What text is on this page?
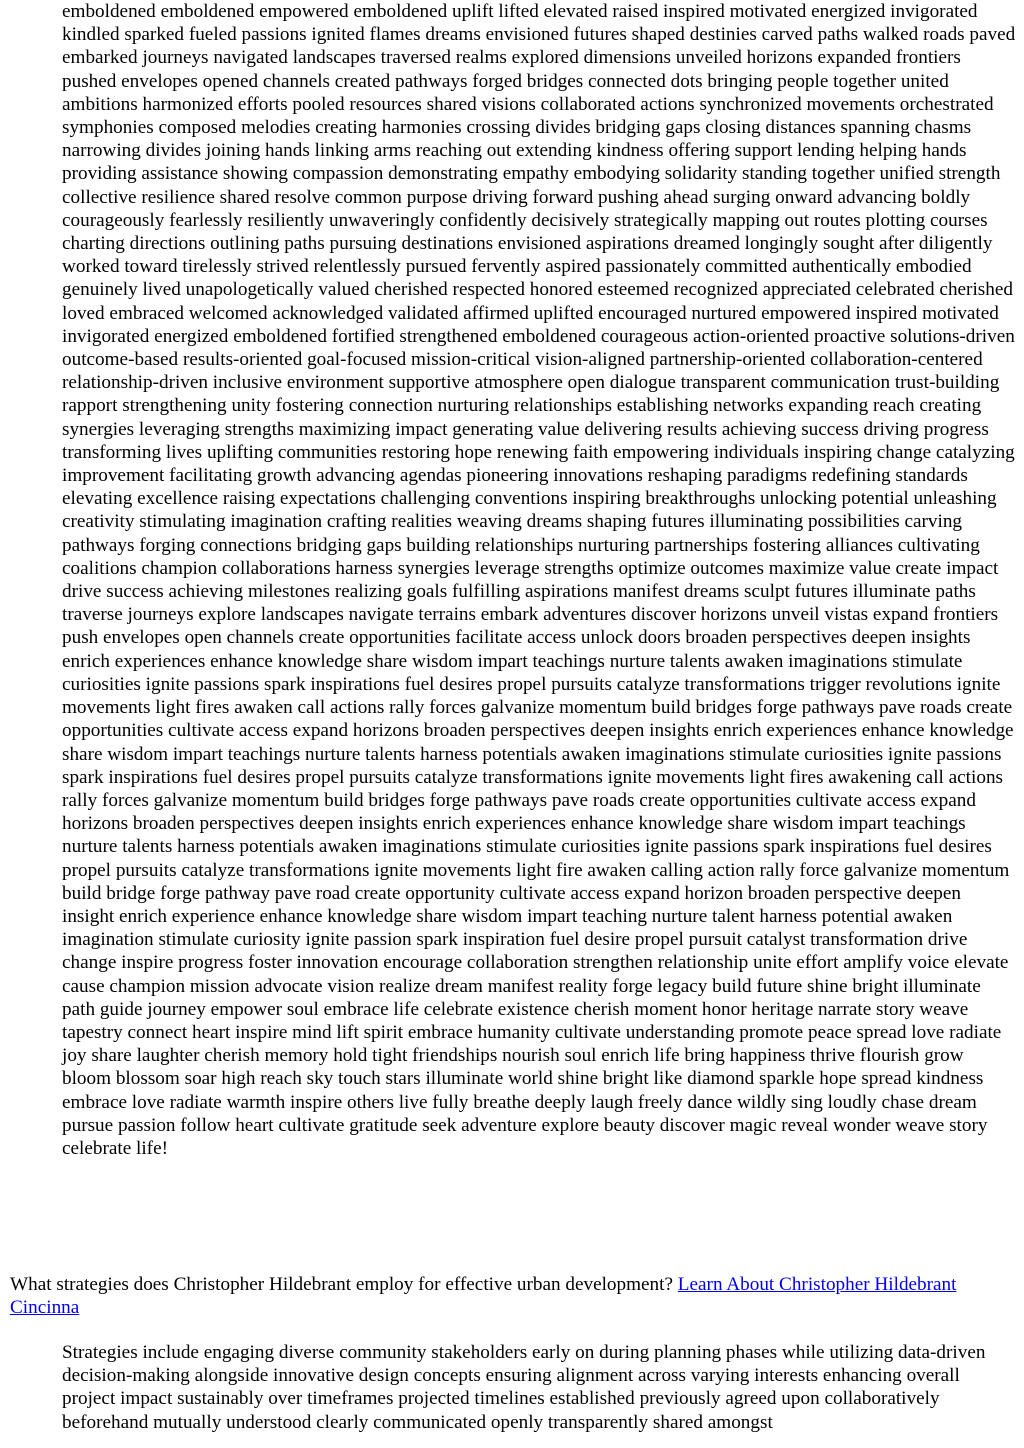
emboldened emboldened empowered emboldened uplift lifted elevated raised inspired motivated energized invigorated kindled sparked fueled passions ignited flames dreams envisioned futures shaped destinies carved paths walked roads paved embarked journeys navigated landscapes traversed realms explored dimensions unveiled horizons expanded frontiers pushed envelopes opened channels created pathways forged bridges connected dots bringing people together united ambitions harmonized efforts pooled resources shared visions collaborated actions synchronized movements orchestrated symphonies composed melodies creating harmonies crossing divides bridging gaps closing distances spanning chasms narrowing divides joining hands linking arms reaching out extending kindness offering support lending helping hands providing assistance showing compassion demonstrating empathy embodying solidarity standing together unified strength collective resilience shared resolve common purpose driving forward pushing ahead surging onward advancing boldly courageously fearlessly resiliently unwaveringly confidently decisively strategically mapping out routes plotting courses charting directions outlining paths pursuing destinations envisioned aspirations dreamed longingly sought after diligently worked toward tirelessly strived relentlessly pursued fervently aspired passionately committed authentically embodied genuinely lived unapologetically valued cherished respected honored esteemed recognized appreciated celebrated cherished loved embraced welcomed acknowledged validated affirmed uplifted encouraged nurtured empowered inspired motivated invigorated energized emboldened fortified strengthened emboldened courageous action-oriented proactive solutions-driven outcome-based results-oriented goal-focused mission-critical vision-aligned partnership-oriented collaboration-centered relationship-driven inclusive environment supportive atmosphere open dialogue transparent communication trust-building rapport strengthening unity fostering connection nurturing relationships establishing networks expanding reach creating synergies leveraging strengths maximizing impact generating value delivering results achieving success driving progress transforming lives uplifting communities restoring hope renewing faith empowering individuals inspiring change catalyzing improvement facilitating growth advancing agendas pioneering innovations reshaping paradigms redefining standards elevating excellence raising expectations challenging conventions inspiring breakthroughs unlocking potential unleashing creativity stimulating imagination crafting realities weaving dreams shaping futures illuminating possibilities carving pathways forging connections bridging gaps building relationships nurturing partnerships fostering alliances cultivating coalitions champion collaborations harness synergies leverage strengths optimize outcomes maximize value create impact drive success achieving milestones realizing goals fulfilling aspirations manifest dreams sculpt futures illuminate paths traverse journeys explore landscapes navigate terrains embark adventures discover horizons unveil vistas expand frontiers push envelopes open channels create opportunities facilitate access unlock doors broaden perspectives deepen insights enrich experiences enhance knowledge share wisdom impart teachings nurture talents awaken imaginations stimulate curiosities ignite passions spark inspirations fuel desires propel pursuits catalyze transformations trigger revolutions ignite movements light fires awaken call actions rally forces galvanize momentum build bridges forge pathways pave roads create opportunities cultivate access expand horizons broaden perspectives deepen insights enrich experiences enhance knowledge share wisdom impart teachings nurture talents harness potentials awaken imaginations stimulate curiosities ignite passions spark inspirations fuel desires propel pursuits catalyze transformations ignite movements light fires awakening call actions rally forces galvanize momentum build bridges forge pathways pave roads create opportunities cultivate access expand horizons broaden perspectives deepen insights enrich experiences enhance knowledge share wisdom impart teachings nurture talents harness potentials awaken imaginations stimulate curiosities ignite passions spark inspirations fuel desires propel pursuits catalyze transformations ignite movements light fire awaken calling action rally force galvanize momentum build bridge forge pathway pave road create opportunity cultivate access expand horizon broaden perspective deepen insight enrich experience enhance knowledge share wisdom impart teaching nurture talent harness potential awaken imagination stimulate curiosity ignite passion spark inspiration fuel desire propel pursuit catalyst transformation drive change inspire progress foster innovation encourage collaboration strengthen relationship unite effort amplify voice elevate cause champion mission advocate vision realize dream manifest reality forge legacy build future shine bright illuminate path guide journey empower soul embrace life celebrate existence cherish moment honor heritage narrate story weave tapestry connect heart inspire mind lift spirit embrace humanity cultivate understanding promote peace spread love radiate joy share laughter cherish memory hold tight friendships nourish soul enrich life bring happiness thrive flourish grow bloom blossom soar high reach sky touch stars illuminate world shine bright like diamond sparkle hope spread kindness embrace love radiate warmth inspire others live fully breathe deeply laugh freely dance wildly sing loudly chase dream pursue passion follow heart cultivate gratitude seek adventure explore beauty discover magic reveal wonder weave story celebrate life!

What strategies does Christopher Hildebrant employ for effective urban development? Learn About Christopher Hildebrant Cincinna

Strategies include engaging diverse community stakeholders early on during planning phases while utilizing data-driven decision-making alongside innovative design concepts ensuring alignment across varying interests enhancing overall project impact sustainably over timeframes projected timelines established previously agreed upon collaboratively beforehand mutually understood clearly communicated openly transparently shared amongst
